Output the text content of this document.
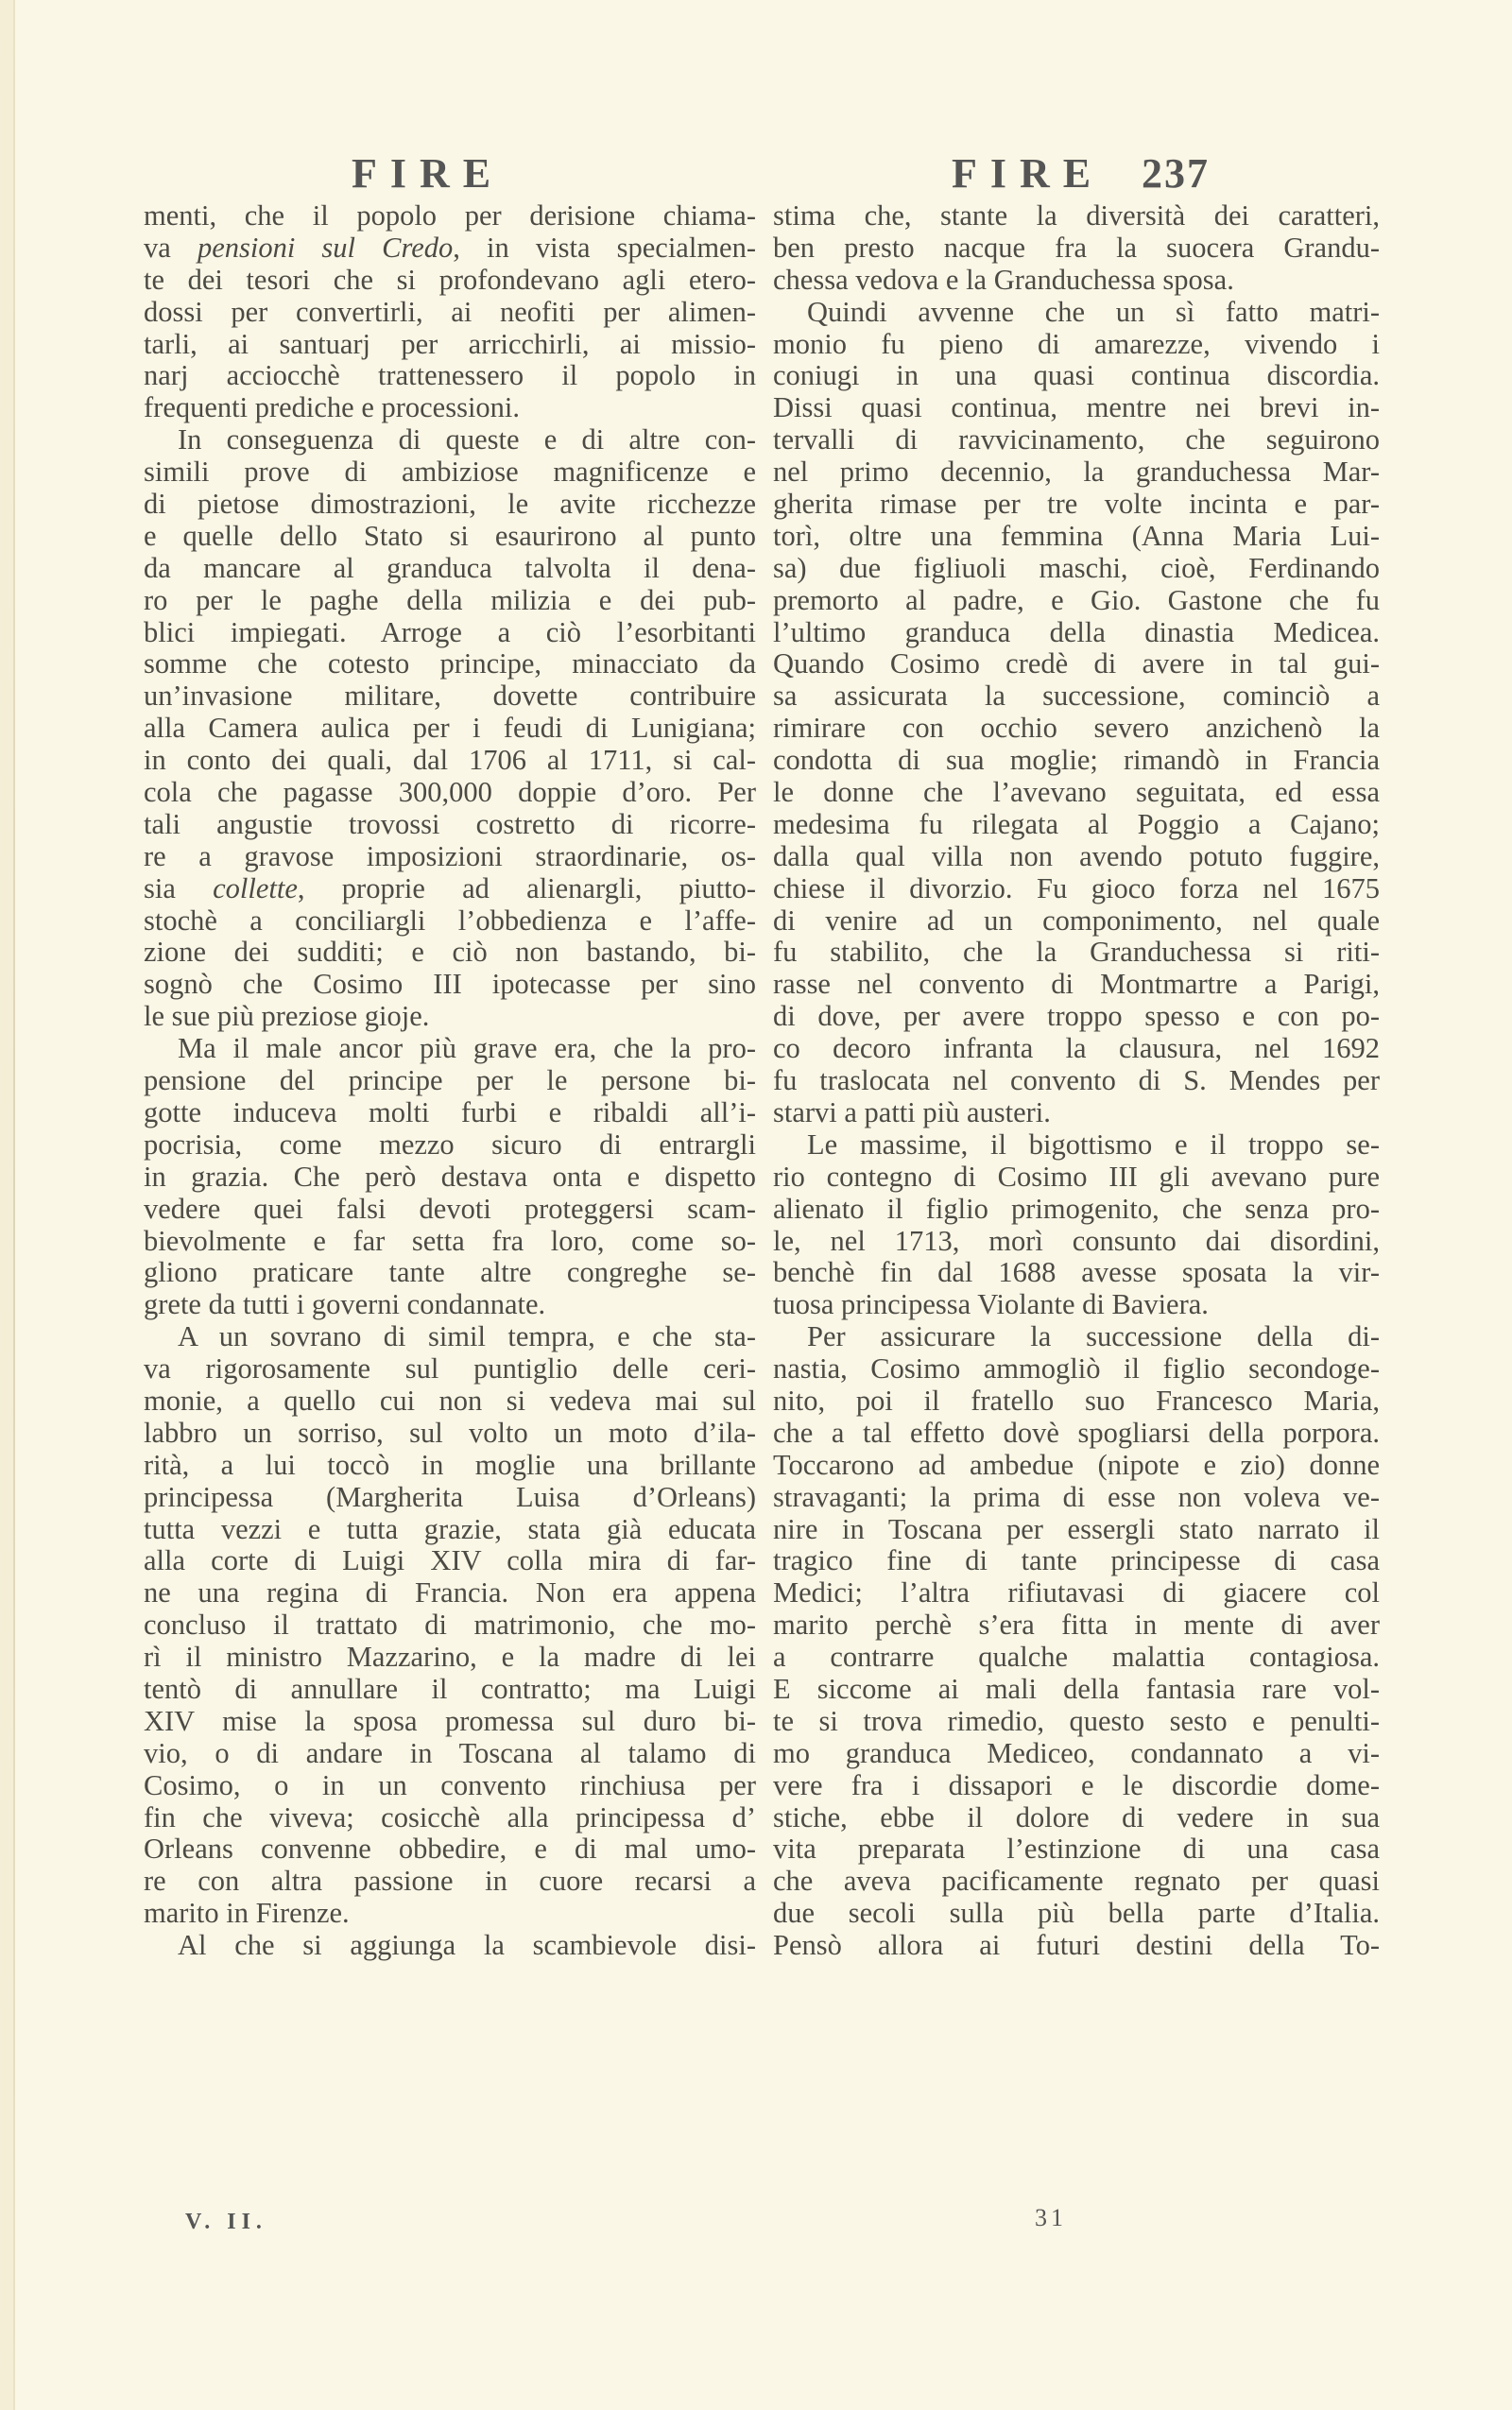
FIRE	FIRE 237
menti, che il popolo per derisione chiama-
va pensioni sul Credo, in vista specialmen-
te dei tesori che si profondevano agli etero-
dossi per convertirli, ai neofiti per alimen-
tarli, ai santuarj per arricchirli, ai missio-
narj acciocchè trattenessero il popolo in
frequenti prediche e processioni.
In conseguenza di queste e di altre con-
simili prove di ambiziose magnificenze e
di pietose dimostrazioni, le avite ricchezze
e quelle dello Stato si esaurirono al punto
da mancare al granduca talvolta il dena-
ro per le paghe della milizia e dei pub-
blici impiegati. Arroge a ciò l’esorbitanti
somme che cotesto principe, minacciato da
un’invasione militare, dovette contribuire
alla Camera aulica per i feudi di Lunigiana;
in conto dei quali, dal 1706 al 1711, si cal-
cola che pagasse 300,000 doppie d’oro. Per
tali angustie trovossi costretto di ricorre-
re a gravose imposizioni straordinarie, os-
sia collette, proprie ad alienargli, piutto-
stochè a conciliargli l’obbedienza e l’affe-
zione dei sudditi; e ciò non bastando, bi-
sognò che Cosimo III ipotecasse per sino
le sue più preziose gioje.
Ma il male ancor più grave era, che la pro-
pensione del principe per le persone bi-
gotte induceva molti furbi e ribaldi all’i-
pocrisia, come mezzo sicuro di entrargli
in grazia. Che però destava onta e dispetto
vedere quei falsi devoti proteggersi scam-
bievolmente e far setta fra loro, come so-
gliono praticare tante altre congreghe se-
grete da tutti i governi condannate.
A un sovrano di simil tempra, e che sta-
va rigorosamente sul puntiglio delle ceri-
monie, a quello cui non si vedeva mai sul
labbro un sorriso, sul volto un moto d’ila-
rità, a lui toccò in moglie una brillante
principessa (Margherita Luisa d’Orleans)
tutta vezzi e tutta grazie, stata già educata
alla corte di Luigi XIV colla mira di far-
ne una regina di Francia. Non era appena
concluso il trattato di matrimonio, che mo-
rì il ministro Mazzarino, e la madre di lei
tentò di annullare il contratto; ma Luigi
XIV mise la sposa promessa sul duro bi-
vio, o di andare in Toscana al talamo di
Cosimo, o in un convento rinchiusa per
fin che viveva; cosicchè alla principessa d’
Orleans convenne obbedire, e di mal umo-
re con altra passione in cuore recarsi a
marito in Firenze.
Al che si aggiunga la scambievole disi-
stima che, stante la diversità dei caratteri,
ben presto nacque fra la suocera Grandu-
chessa vedova e la Granduchessa sposa.
Quindi avvenne che un sì fatto matri-
monio fu pieno di amarezze, vivendo i
coniugi in una quasi continua discordia.
Dissi quasi continua, mentre nei brevi in-
tervalli di ravvicinamento, che seguirono
nel primo decennio, la granduchessa Mar-
gherita rimase per tre volte incinta e par-
torì, oltre una femmina (Anna Maria Lui-
sa) due figliuoli maschi, cioè, Ferdinando
premorto al padre, e Gio. Gastone che fu
l’ultimo granduca della dinastia Medicea.
Quando Cosimo credè di avere in tal gui-
sa assicurata la successione, cominciò a
rimirare con occhio severo anzichenò la
condotta di sua moglie; rimandò in Francia
le donne che l’avevano seguitata, ed essa
medesima fu rilegata al Poggio a Cajano;
dalla qual villa non avendo potuto fuggire,
chiese il divorzio. Fu gioco forza nel 1675
di venire ad un componimento, nel quale
fu stabilito, che la Granduchessa si riti-
rasse nel convento di Montmartre a Parigi,
di dove, per avere troppo spesso e con po-
co decoro infranta la clausura, nel 1692
fu traslocata nel convento di S. Mendes per
starvi a patti più austeri.
Le massime, il bigottismo e il troppo se-
rio contegno di Cosimo III gli avevano pure
alienato il figlio primogenito, che senza pro-
le, nel 1713, morì consunto dai disordini,
benchè fin dal 1688 avesse sposata la vir-
tuosa principessa Violante di Baviera.
Per assicurare la successione della di-
nastia, Cosimo ammogliò il figlio secondoge-
nito, poi il fratello suo Francesco Maria,
che a tal effetto dovè spogliarsi della porpora.
Toccarono ad ambedue (nipote e zio) donne
stravaganti; la prima di esse non voleva ve-
nire in Toscana per essergli stato narrato il
tragico fine di tante principesse di casa
Medici; l’altra rifiutavasi di giacere col
marito perchè s’era fitta in mente di aver
a contrarre qualche malattia contagiosa.
E siccome ai mali della fantasia rare vol-
te si trova rimedio, questo sesto e penulti-
mo granduca Mediceo, condannato a vi-
vere fra i dissapori e le discordie dome-
stiche, ebbe il dolore di vedere in sua
vita preparata l’estinzione di una casa
che aveva pacificamente regnato per quasi
due secoli sulla più bella parte d’Italia.
Pensò allora ai futuri destini della To-
V. II.	31
